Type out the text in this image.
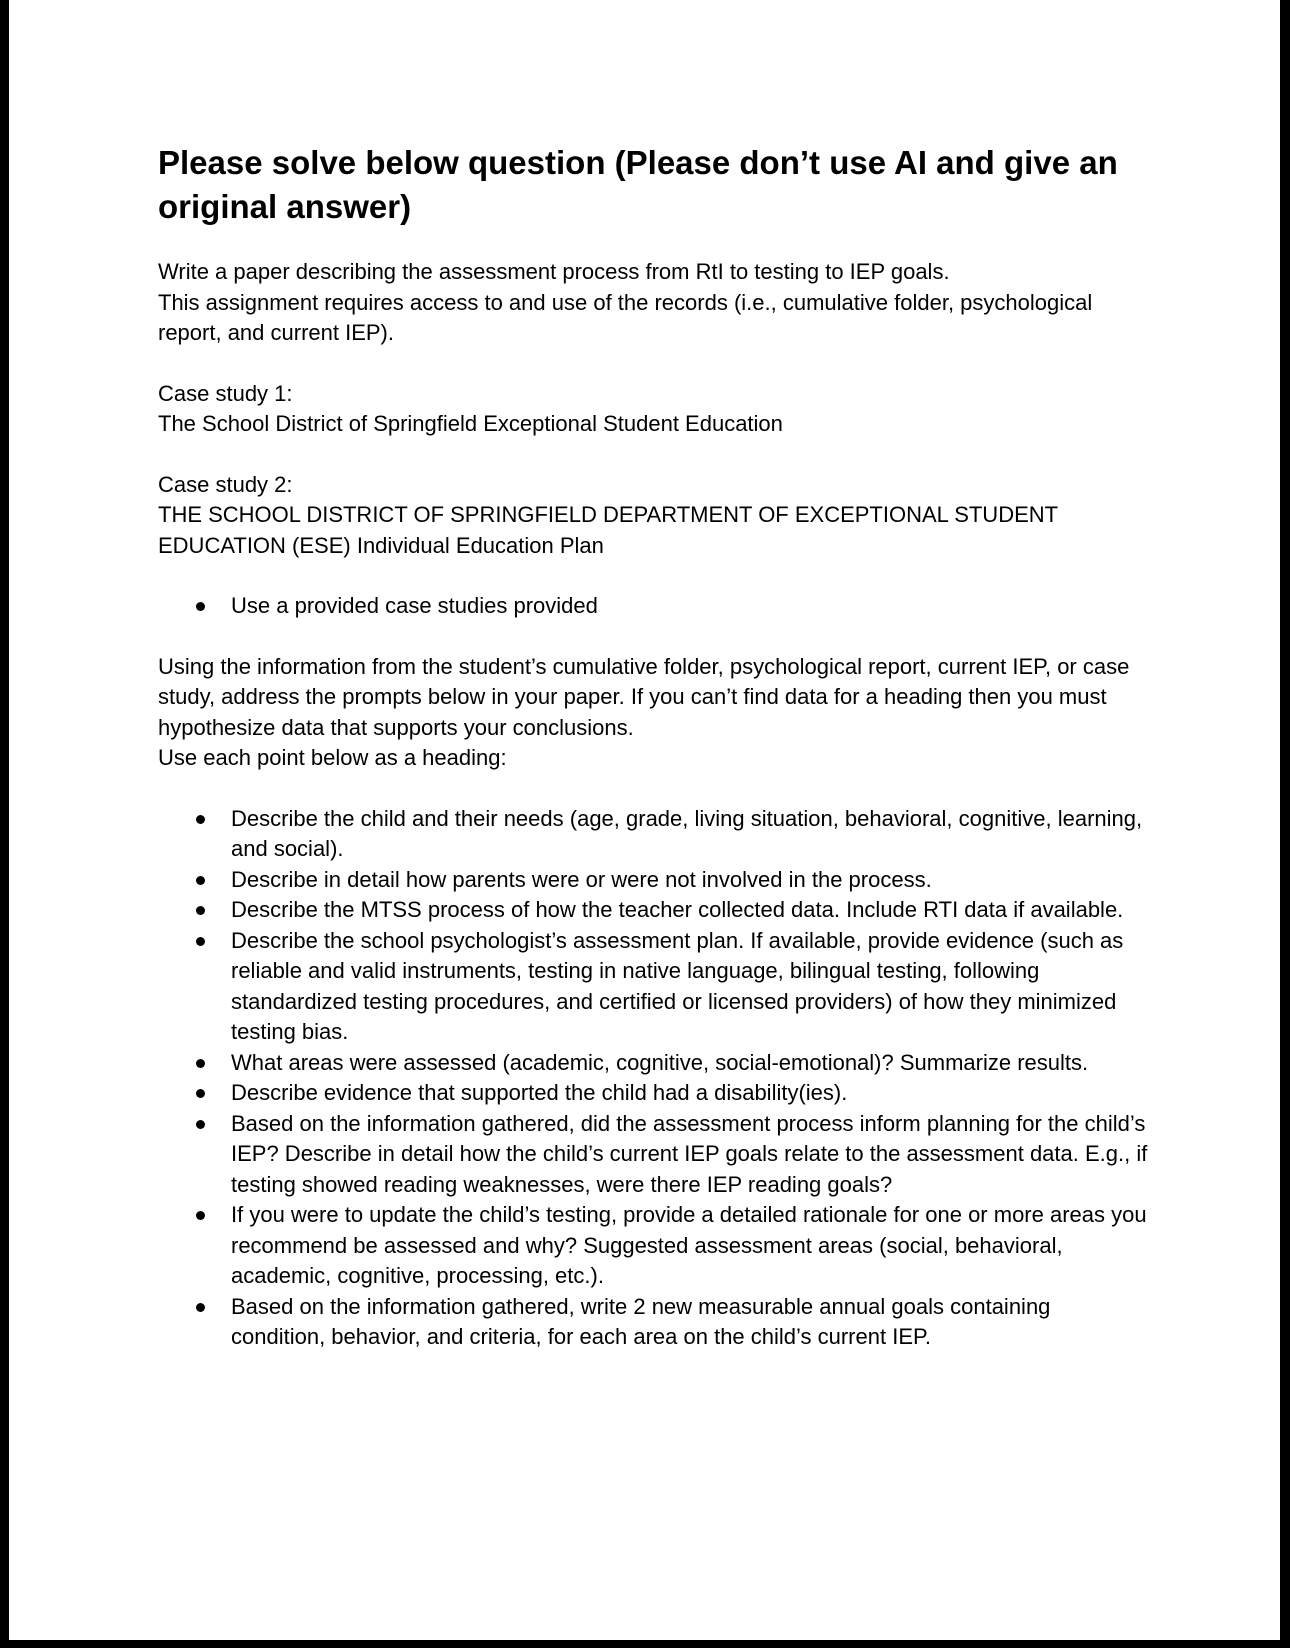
Please solve below question (Please don’t use AI and give an original answer)
Write a paper describing the assessment process from RtI to testing to IEP goals.
This assignment requires access to and use of the records (i.e., cumulative folder, psychological report, and current IEP).
Case study 1:
The School District of Springfield Exceptional Student Education
Case study 2:
THE SCHOOL DISTRICT OF SPRINGFIELD DEPARTMENT OF EXCEPTIONAL STUDENT EDUCATION (ESE) Individual Education Plan
Use a provided case studies provided
Using the information from the student’s cumulative folder, psychological report, current IEP, or case study, address the prompts below in your paper. If you can’t find data for a heading then you must hypothesize data that supports your conclusions.
Use each point below as a heading:
Describe the child and their needs (age, grade, living situation, behavioral, cognitive, learning, and social).
Describe in detail how parents were or were not involved in the process.
Describe the MTSS process of how the teacher collected data. Include RTI data if available.
Describe the school psychologist’s assessment plan. If available, provide evidence (such as reliable and valid instruments, testing in native language, bilingual testing, following standardized testing procedures, and certified or licensed providers) of how they minimized testing bias.
What areas were assessed (academic, cognitive, social-emotional)? Summarize results.
Describe evidence that supported the child had a disability(ies).
Based on the information gathered, did the assessment process inform planning for the child’s IEP? Describe in detail how the child’s current IEP goals relate to the assessment data. E.g., if testing showed reading weaknesses, were there IEP reading goals?
If you were to update the child’s testing, provide a detailed rationale for one or more areas you recommend be assessed and why? Suggested assessment areas (social, behavioral, academic, cognitive, processing, etc.).
Based on the information gathered, write 2 new measurable annual goals containing condition, behavior, and criteria, for each area on the child’s current IEP.
